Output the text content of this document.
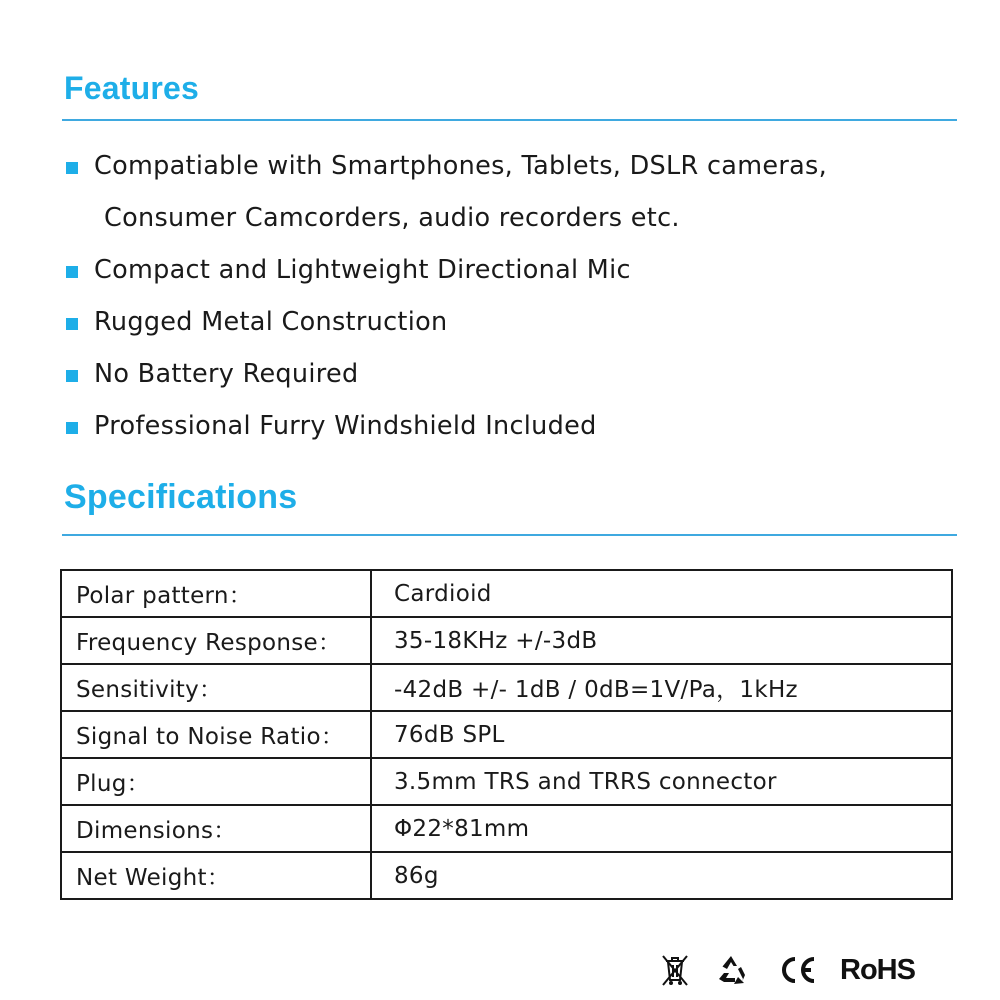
Features
Compatiable with Smartphones, Tablets, DSLR cameras,
Consumer Camcorders, audio recorders etc.
Compact and Lightweight Directional Mic
Rugged Metal Construction
No Battery Required
Professional Furry Windshield Included
Specifications
Polar pattern：	Cardioid
Frequency Response：	35-18KHz +/-3dB
Sensitivity：	-42dB +/- 1dB / 0dB=1V/Pa，1kHz
Signal to Noise Ratio：	76dB SPL
Plug：	3.5mm TRS and TRRS connector
Dimensions：	Φ22*81mm
Net Weight：	86g
RoHS
